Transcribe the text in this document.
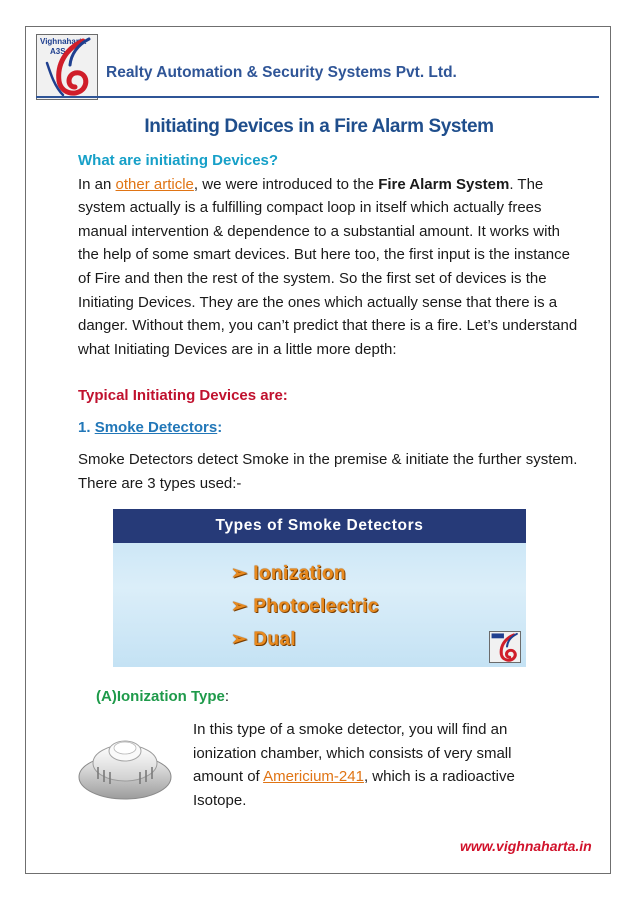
Vighnaharta
A3S
Realty Automation & Security Systems Pvt. Ltd.
Initiating Devices in a Fire Alarm System
What are initiating Devices?
In an other article, we were introduced to the Fire Alarm System. The system actually is a fulfilling compact loop in itself which actually frees manual intervention & dependence to a substantial amount. It works with the help of some smart devices. But here too, the first input is the instance of Fire and then the rest of the system. So the first set of devices is the Initiating Devices. They are the ones which actually sense that there is a danger. Without them, you can’t predict that there is a fire. Let’s understand what Initiating Devices are in a little more depth:
Typical Initiating Devices are:
1. Smoke Detectors:
Smoke Detectors detect Smoke in the premise & initiate the further system. There are 3 types used:-
Types of Smoke Detectors
➢ Ionization
➢ Photoelectric
➢ Dual
(A)Ionization Type:
In this type of a smoke detector, you will find an ionization chamber, which consists of very small amount of Americium-241, which is a radioactive Isotope.
www.vighnaharta.in
